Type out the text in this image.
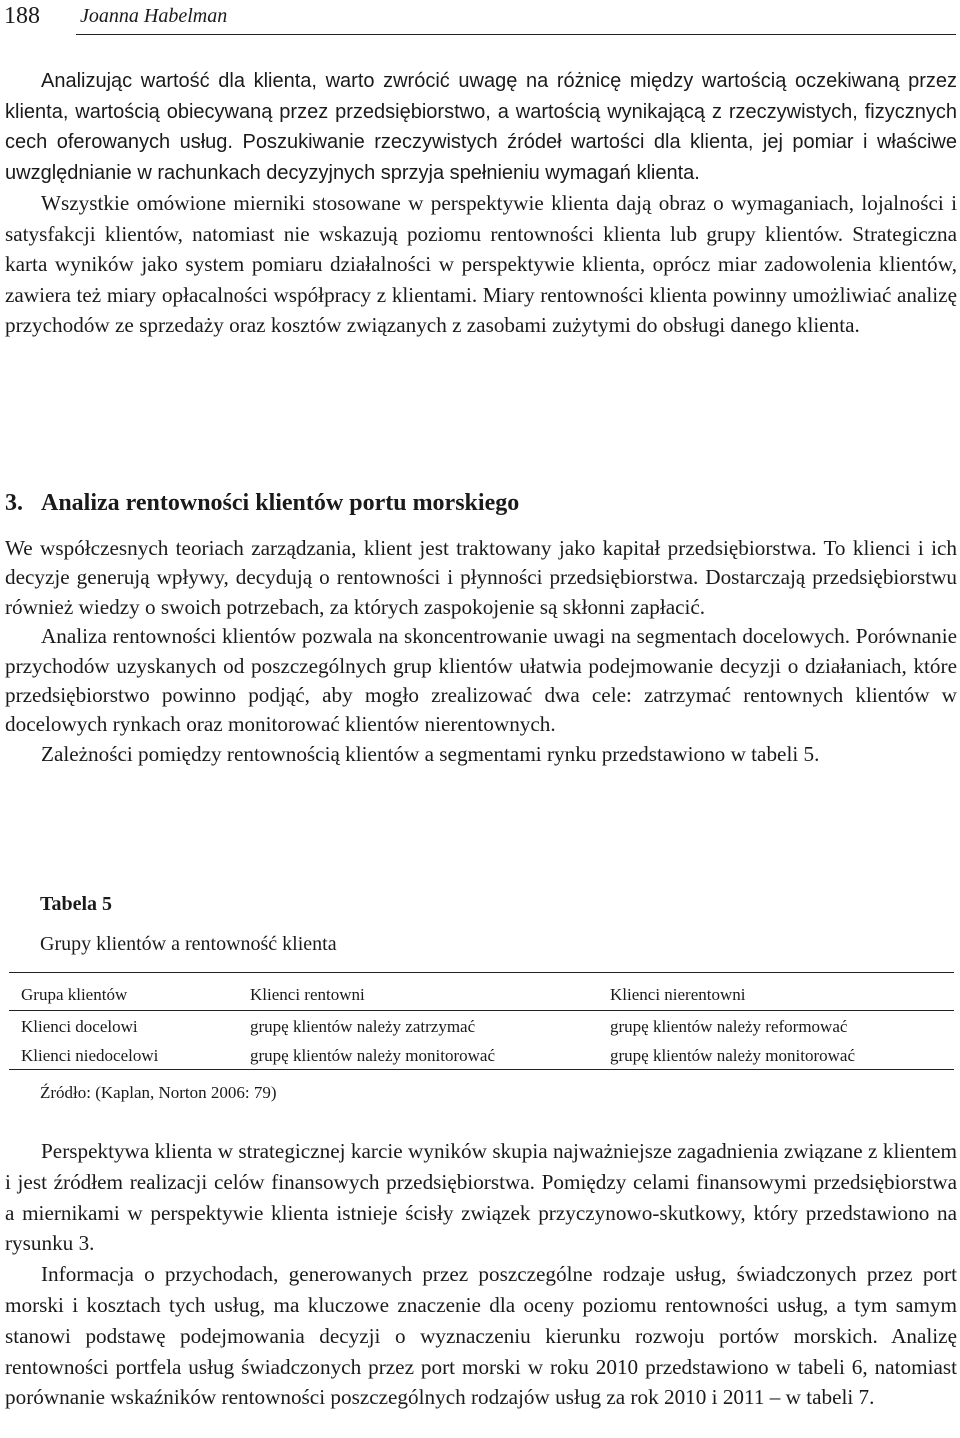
188 Joanna Habelman

Analizując wartość dla klienta, warto zwrócić uwagę na różnicę między wartością oczekiwaną przez klienta, wartością obiecywaną przez przedsiębiorstwo, a wartością wynikającą z rzeczywistych, fizycznych cech oferowanych usług. Poszukiwanie rzeczywistych źródeł wartości dla klienta, jej pomiar i właściwe uwzględnianie w rachunkach decyzyjnych sprzyja spełnieniu wymagań klienta.

Wszystkie omówione mierniki stosowane w perspektywie klienta dają obraz o wymaganiach, lojalności i satysfakcji klientów, natomiast nie wskazują poziomu rentowności klienta lub grupy klientów. Strategiczna karta wyników jako system pomiaru działalności w perspektywie klienta, oprócz miar zadowolenia klientów, zawiera też miary opłacalności współpracy z klientami. Miary rentowności klienta powinny umożliwiać analizę przychodów ze sprzedaży oraz kosztów związanych z zasobami zużytymi do obsługi danego klienta.

3. Analiza rentowności klientów portu morskiego

We współczesnych teoriach zarządzania, klient jest traktowany jako kapitał przedsiębiorstwa. To klienci i ich decyzje generują wpływy, decydują o rentowności i płynności przedsiębiorstwa. Dostarczają przedsiębiorstwu również wiedzy o swoich potrzebach, za których zaspokojenie są skłonni zapłacić.

Analiza rentowności klientów pozwala na skoncentrowanie uwagi na segmentach docelowych. Porównanie przychodów uzyskanych od poszczególnych grup klientów ułatwia podejmowanie decyzji o działaniach, które przedsiębiorstwo powinno podjąć, aby mogło zrealizować dwa cele: zatrzymać rentownych klientów w docelowych rynkach oraz monitorować klientów nierentownych.

Zależności pomiędzy rentownością klientów a segmentami rynku przedstawiono w tabeli 5.

Tabela 5

Grupy klientów a rentowność klienta

Grupa klientów	Klienci rentowni	Klienci nierentowni
Klienci docelowi	grupę klientów należy zatrzymać	grupę klientów należy reformować
Klienci niedocelowi	grupę klientów należy monitorować	grupę klientów należy monitorować

Źródło: (Kaplan, Norton 2006: 79)

Perspektywa klienta w strategicznej karcie wyników skupia najważniejsze zagadnienia związane z klientem i jest źródłem realizacji celów finansowych przedsiębiorstwa. Pomiędzy celami finansowymi przedsiębiorstwa a miernikami w perspektywie klienta istnieje ścisły związek przyczynowo-skutkowy, który przedstawiono na rysunku 3.

Informacja o przychodach, generowanych przez poszczególne rodzaje usług, świadczonych przez port morski i kosztach tych usług, ma kluczowe znaczenie dla oceny poziomu rentowności usług, a tym samym stanowi podstawę podejmowania decyzji o wyznaczeniu kierunku rozwoju portów morskich. Analizę rentowności portfela usług świadczonych przez port morski w roku 2010 przedstawiono w tabeli 6, natomiast porównanie wskaźników rentowności poszczególnych rodzajów usług za rok 2010 i 2011 – w tabeli 7.
